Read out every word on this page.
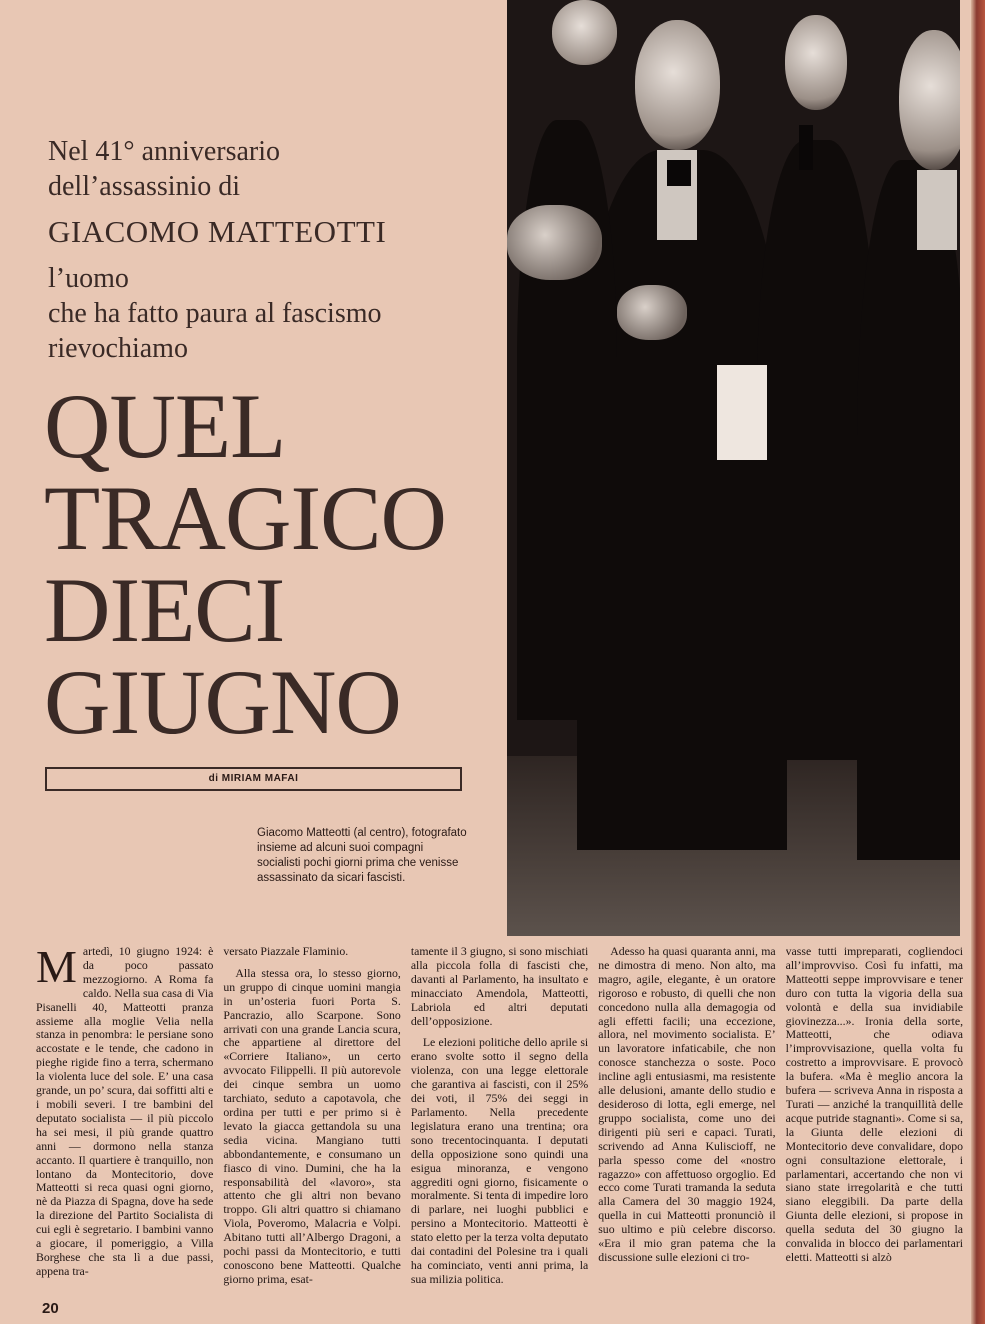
Nel 41° anniversario
dell’assassinio di
GIACOMO MATTEOTTI
l’uomo
che ha fatto paura al fascismo
rievochiamo
QUEL
TRAGICO
DIECI
GIUGNO
di MIRIAM MAFAI
Giacomo Matteotti (al centro), fotografato insieme ad alcuni suoi compagni socialisti pochi giorni prima che venisse assassinato da sicari fascisti.
M artedì, 10 giugno 1924: è da poco passato mezzogiorno. A Roma fa caldo. Nella sua casa di Via Pisanelli 40, Matteotti pranza assieme alla moglie Velia nella stanza in penombra: le persiane sono accostate e le tende, che cadono in pieghe rigide fino a terra, schermano la violenta luce del sole. E’ una casa grande, un po’ scura, dai soffitti alti e i mobili severi. I tre bambini del deputato socialista — il più piccolo ha sei mesi, il più grande quattro anni — dormono nella stanza accanto. Il quartiere è tranquillo, non lontano da Montecitorio, dove Matteotti si reca quasi ogni giorno, nè da Piazza di Spagna, dove ha sede la direzione del Partito Socialista di cui egli è segretario. I bambini vanno a giocare, il pomeriggio, a Villa Borghese che sta lì a due passi, appena tra-

versato Piazzale Flaminio.

Alla stessa ora, lo stesso giorno, un gruppo di cinque uomini mangia in un’osteria fuori Porta S. Pancrazio, allo Scarpone. Sono arrivati con una grande Lancia scura, che appartiene al direttore del «Corriere Italiano», un certo avvocato Filippelli. Il più autorevole dei cinque sembra un uomo tarchiato, seduto a capotavola, che ordina per tutti e per primo si è levato la giacca gettandola su una sedia vicina. Mangiano tutti abbondantemente, e consumano un fiasco di vino. Dumini, che ha la responsabilità del «lavoro», sta attento che gli altri non bevano troppo. Gli altri quattro si chiamano Viola, Poveromo, Malacria e Volpi. Abitano tutti all’Albergo Dragoni, a pochi passi da Montecitorio, e tutti conoscono bene Matteotti. Qualche giorno prima, esat-

tamente il 3 giugno, si sono mischiati alla piccola folla di fascisti che, davanti al Parlamento, ha insultato e minacciato Amendola, Matteotti, Labriola ed altri deputati dell’opposizione.

Le elezioni politiche dello aprile si erano svolte sotto il segno della violenza, con una legge elettorale che garantiva ai fascisti, con il 25% dei voti, il 75% dei seggi in Parlamento. Nella precedente legislatura erano una trentina; ora sono trecentocinquanta. I deputati della opposizione sono quindi una esigua minoranza, e vengono aggrediti ogni giorno, fisicamente o moralmente. Si tenta di impedire loro di parlare, nei luoghi pubblici e persino a Montecitorio. Matteotti è stato eletto per la terza volta deputato dai contadini del Polesine tra i quali ha cominciato, venti anni prima, la sua milizia politica.

Adesso ha quasi quaranta anni, ma ne dimostra di meno. Non alto, ma magro, agile, elegante, è un oratore rigoroso e robusto, di quelli che non concedono nulla alla demagogia od agli effetti facili; una eccezione, allora, nel movimento socialista. E’ un lavoratore infaticabile, che non conosce stanchezza o soste. Poco incline agli entusiasmi, ma resistente alle delusioni, amante dello studio e desideroso di lotta, egli emerge, nel gruppo socialista, come uno dei dirigenti più seri e capaci. Turati, scrivendo ad Anna Kuliscioff, ne parla spesso come del «nostro ragazzo» con affettuoso orgoglio. Ed ecco come Turati tramanda la seduta alla Camera del 30 maggio 1924, quella in cui Matteotti pronunciò il suo ultimo e più celebre discorso. «Era il mio gran patema che la discussione sulle elezioni ci tro-

vasse tutti impreparati, cogliendoci all’improvviso. Così fu infatti, ma Matteotti seppe improvvisare e tener duro con tutta la vigoria della sua volontà e della sua invidiabile giovinezza...». Ironia della sorte, Matteotti, che odiava l’improvvisazione, quella volta fu costretto a improvvisare. E provocò la bufera. «Ma è meglio ancora la bufera — scriveva Anna in risposta a Turati — anziché la tranquillità delle acque putride stagnanti». Come si sa, la Giunta delle elezioni di Montecitorio deve convalidare, dopo ogni consultazione elettorale, i parlamentari, accertando che non vi siano state irregolarità e che tutti siano eleggibili. Da parte della Giunta delle elezioni, si propose in quella seduta del 30 giugno la convalida in blocco dei parlamentari eletti. Matteotti si alzò

20
